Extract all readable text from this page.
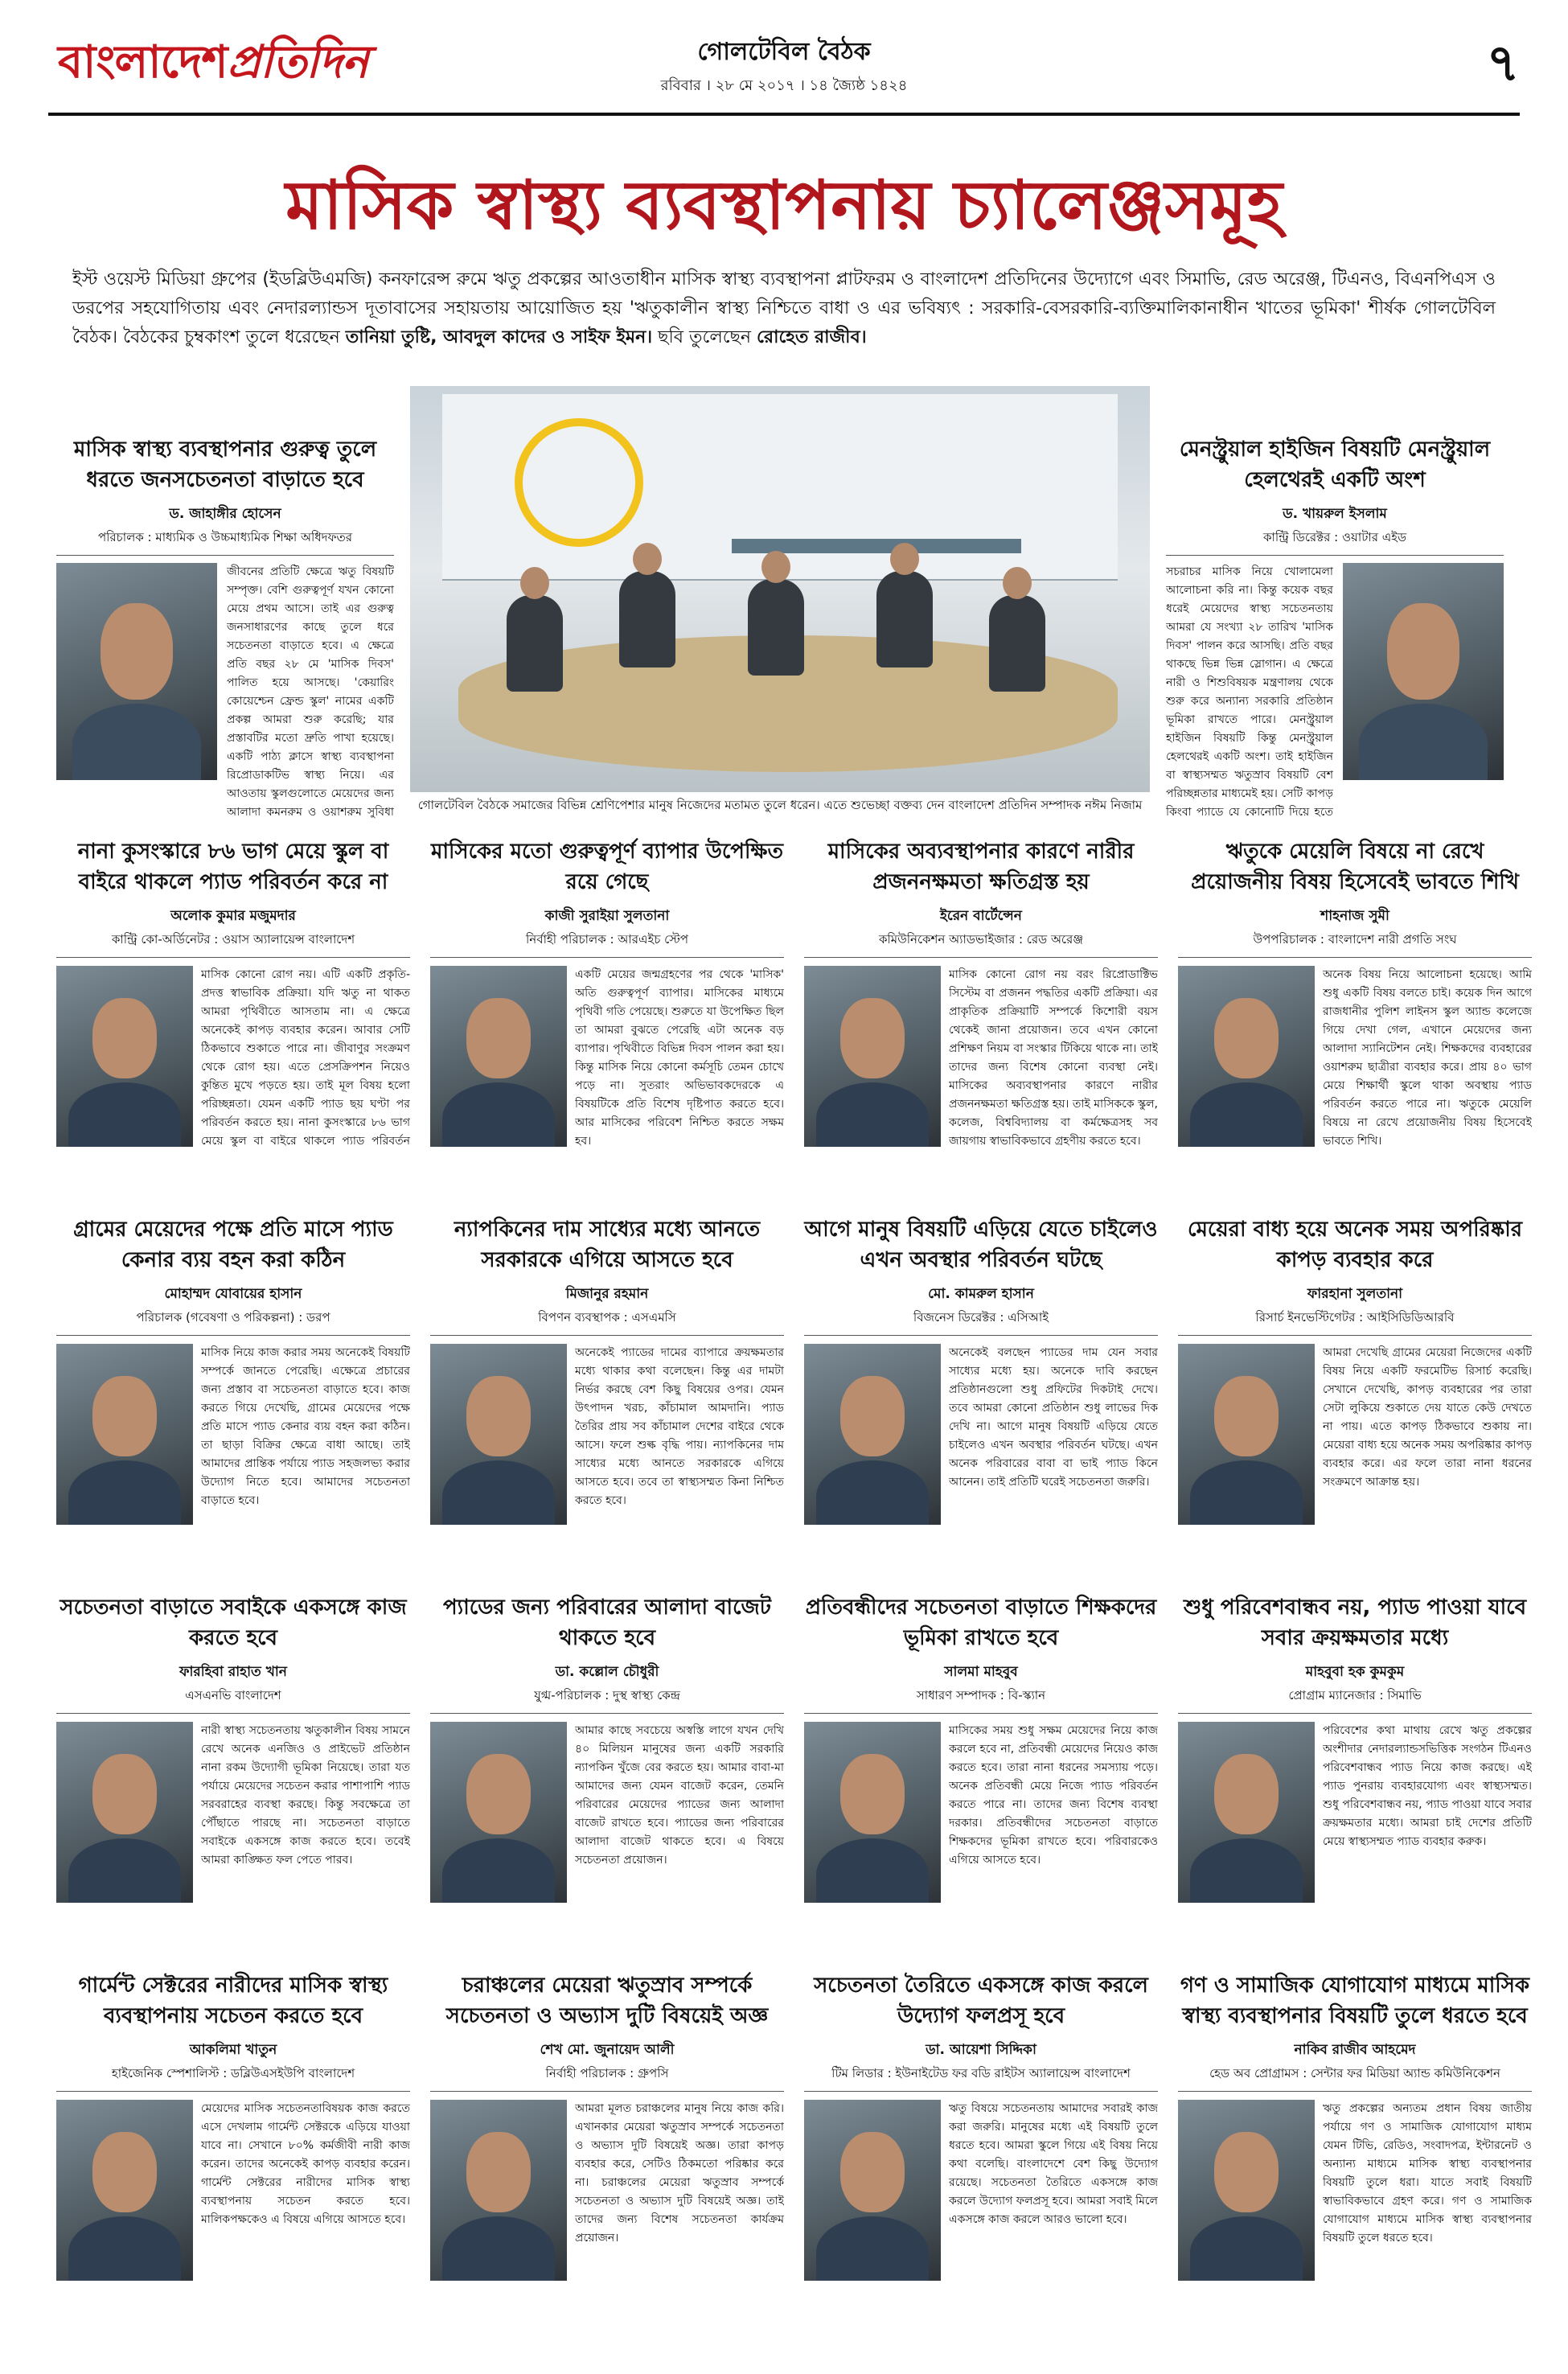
বাংলাদেশপ্রতিদিন	গোলটেবিল বৈঠক
রবিবার । ২৮ মে ২০১৭ । ১৪ জ্যৈষ্ঠ ১৪২৪	৭
মাসিক স্বাস্থ্য ব্যবস্থাপনায় চ্যালেঞ্জসমূহ
ইস্ট ওয়েস্ট মিডিয়া গ্রুপের (ইডব্লিউএমজি) কনফারেন্স রুমে ঋতু প্রকল্পের আওতাধীন মাসিক স্বাস্থ্য ব্যবস্থাপনা প্লাটফরম ও বাংলাদেশ প্রতিদিনের উদ্যোগে এবং সিমাভি, রেড অরেঞ্জ, টিএনও, বিএনপিএস ও ডরপের সহযোগিতায় এবং নেদারল্যান্ডস দূতাবাসের সহায়তায় আয়োজিত হয় 'ঋতুকালীন স্বাস্থ্য নিশ্চিতে বাধা ও এর ভবিষ্যৎ : সরকারি-বেসরকারি-ব্যক্তিমালিকানাধীন খাতের ভূমিকা' শীর্ষক গোলটেবিল বৈঠক। বৈঠকের চুম্বকাংশ তুলে ধরেছেন তানিয়া তুষ্টি, আবদুল কাদের ও সাইফ ইমন। ছবি তুলেছেন রোহেত রাজীব।
গোলটেবিল বৈঠকে সমাজের বিভিন্ন শ্রেণিপেশার মানুষ নিজেদের মতামত তুলে ধরেন। এতে শুভেচ্ছা বক্তব্য দেন বাংলাদেশ প্রতিদিন সম্পাদক নঈম নিজাম
মাসিক স্বাস্থ্য ব্যবস্থাপনার গুরুত্ব তুলে ধরতে জনসচেতনতা বাড়াতে হবে
ড. জাহাঙ্গীর হোসেন
পরিচালক : মাধ্যমিক ও উচ্চমাধ্যমিক শিক্ষা অধিদফতর
জীবনের প্রতিটি ক্ষেত্রে ঋতু বিষয়টি সম্পৃক্ত। বেশি গুরুত্বপূর্ণ যখন কোনো মেয়ে প্রথম আসে। তাই এর গুরুত্ব জনসাধারণের কাছে তুলে ধরে সচেতনতা বাড়াতে হবে। এ ক্ষেত্রে প্রতি বছর ২৮ মে 'মাসিক দিবস' পালিত হয়ে আসছে। 'কেয়ারিং কোয়েশ্চেন ফ্রেন্ড স্কুল' নামের একটি প্রকল্প আমরা শুরু করেছি; যার প্রস্তাবটির মতো দ্রুতি পাখা হয়েছে। একটি পাঠ্য ক্লাসে স্বাস্থ্য ব্যবস্থাপনা রিপ্রোডাকটিভ স্বাস্থ্য নিয়ে। এর আওতায় স্কুলগুলোতে মেয়েদের জন্য আলাদা কমনরুম ও ওয়াশরুম সুবিধা
মেনস্ট্রুয়াল হাইজিন বিষয়টি মেনস্ট্রুয়াল হেলথেরই একটি অংশ
ড. খায়রুল ইসলাম
কান্ট্রি ডিরেক্টর : ওয়াটার এইড
সচরাচর মাসিক নিয়ে খোলামেলা আলোচনা করি না। কিন্তু কয়েক বছর ধরেই মেয়েদের স্বাস্থ্য সচেতনতায় আমরা যে সংখ্যা ২৮ তারিখ 'মাসিক দিবস' পালন করে আসছি। প্রতি বছর থাকছে ভিন্ন ভিন্ন স্লোগান। এ ক্ষেত্রে নারী ও শিশুবিষয়ক মন্ত্রণালয় থেকে শুরু করে অন্যান্য সরকারি প্রতিষ্ঠান ভূমিকা রাখতে পারে। মেনস্ট্রুয়াল হাইজিন বিষয়টি কিন্তু মেনস্ট্রুয়াল হেলথেরই একটি অংশ। তাই হাইজিন বা স্বাস্থ্যসম্মত ঋতুস্রাব বিষয়টি বেশ পরিচ্ছন্নতার মাধ্যমেই হয়। সেটি কাপড় কিংবা প্যাডে যে কোনোটি দিয়ে হতে
নানা কুসংস্কারে ৮৬ ভাগ মেয়ে স্কুল বা বাইরে থাকলে প্যাড পরিবর্তন করে না
অলোক কুমার মজুমদার
কান্ট্রি কো-অর্ডিনেটর : ওয়াস অ্যালায়েন্স বাংলাদেশ
মাসিক কোনো রোগ নয়। এটি একটি প্রকৃতি-প্রদত্ত স্বাভাবিক প্রক্রিয়া। যদি ঋতু না থাকত আমরা পৃথিবীতে আসতাম না। এ ক্ষেত্রে অনেকেই কাপড় ব্যবহার করেন। আবার সেটি ঠিকভাবে শুকাতে পারে না। জীবাণুর সংক্রমণ থেকে রোগ হয়। এতে প্রেসক্রিপশন নিয়েও কুন্তিত মুখে পড়তে হয়। তাই মূল বিষয় হলো পরিচ্ছন্নতা। যেমন একটি প্যাড ছয় ঘণ্টা পর পরিবর্তন করতে হয়। নানা কুসংস্কারে ৮৬ ভাগ মেয়ে স্কুল বা বাইরে থাকলে প্যাড পরিবর্তন
মাসিকের মতো গুরুত্বপূর্ণ ব্যাপার উপেক্ষিত রয়ে গেছে
কাজী সুরাইয়া সুলতানা
নির্বাহী পরিচালক : আরএইচ স্টেপ
একটি মেয়ের জন্মগ্রহণের পর থেকে 'মাসিক' অতি গুরুত্বপূর্ণ ব্যাপার। মাসিকের মাধ্যমে পৃথিবী গতি পেয়েছে। শুরুতে যা উপেক্ষিত ছিল তা আমরা বুঝতে পেরেছি এটা অনেক বড় ব্যাপার। পৃথিবীতে বিভিন্ন দিবস পালন করা হয়। কিন্তু মাসিক নিয়ে কোনো কর্মসূচি তেমন চোখে পড়ে না। সুতরাং অভিভাবকদেরকে এ বিষয়টিকে প্রতি বিশেষ দৃষ্টিপাত করতে হবে। আর মাসিকের পরিবেশ নিশ্চিত করতে সক্ষম হব।
মাসিকের অব্যবস্থাপনার কারণে নারীর প্রজননক্ষমতা ক্ষতিগ্রস্ত হয়
ইরেন বার্টেন্সেন
কমিউনিকেশন অ্যাডভাইজার : রেড অরেঞ্জ
মাসিক কোনো রোগ নয় বরং রিপ্রোডাক্টিভ সিস্টেম বা প্রজনন পদ্ধতির একটি প্রক্রিয়া। এর প্রাকৃতিক প্রক্রিয়াটি সম্পর্কে কিশোরী বয়স থেকেই জানা প্রয়োজন। তবে এখন কোনো প্রশিক্ষণ নিয়ম বা সংস্কার টিকিয়ে থাকে না। তাই তাদের জন্য বিশেষ কোনো ব্যবস্থা নেই। মাসিকের অব্যবস্থাপনার কারণে নারীর প্রজননক্ষমতা ক্ষতিগ্রস্ত হয়। তাই মাসিককে স্কুল, কলেজ, বিশ্ববিদ্যালয় বা কর্মক্ষেত্রসহ সব জায়গায় স্বাভাবিকভাবে গ্রহণীয় করতে হবে।
ঋতুকে মেয়েলি বিষয়ে না রেখে প্রয়োজনীয় বিষয় হিসেবেই ভাবতে শিখি
শাহনাজ সুমী
উপপরিচালক : বাংলাদেশ নারী প্রগতি সংঘ
অনেক বিষয় নিয়ে আলোচনা হয়েছে। আমি শুধু একটি বিষয় বলতে চাই। কয়েক দিন আগে রাজধানীর পুলিশ লাইনস স্কুল অ্যান্ড কলেজে গিয়ে দেখা গেল, এখানে মেয়েদের জন্য আলাদা স্যানিটেশন নেই। শিক্ষকদের ব্যবহারের ওয়াশরুম ছাত্রীরা ব্যবহার করে। প্রায় ৪০ ভাগ মেয়ে শিক্ষার্থী স্কুলে থাকা অবস্থায় প্যাড পরিবর্তন করতে পারে না। ঋতুকে মেয়েলি বিষয়ে না রেখে প্রয়োজনীয় বিষয় হিসেবেই ভাবতে শিখি।
গ্রামের মেয়েদের পক্ষে প্রতি মাসে প্যাড কেনার ব্যয় বহন করা কঠিন
মোহাম্মদ যোবায়ের হাসান
পরিচালক (গবেষণা ও পরিকল্পনা) : ডরপ
মাসিক নিয়ে কাজ করার সময় অনেকেই বিষয়টি সম্পর্কে জানতে পেরেছি। এক্ষেত্রে প্রচারের জন্য প্রস্তাব বা সচেতনতা বাড়াতে হবে। কাজ করতে গিয়ে দেখেছি, গ্রামের মেয়েদের পক্ষে প্রতি মাসে প্যাড কেনার ব্যয় বহন করা কঠিন। তা ছাড়া বিক্রির ক্ষেত্রে বাধা আছে। তাই আমাদের প্রান্তিক পর্যায়ে প্যাড সহজলভ্য করার উদ্যোগ নিতে হবে। আমাদের সচেতনতা বাড়াতে হবে।
ন্যাপকিনের দাম সাধ্যের মধ্যে আনতে সরকারকে এগিয়ে আসতে হবে
মিজানুর রহমান
বিপণন ব্যবস্থাপক : এসএমসি
অনেকেই প্যাডের দামের ব্যাপারে ক্রয়ক্ষমতার মধ্যে থাকার কথা বলেছেন। কিন্তু এর দামটা নির্ভর করছে বেশ কিছু বিষয়ের ওপর। যেমন উৎপাদন খরচ, কাঁচামাল আমদানি। প্যাড তৈরির প্রায় সব কাঁচামাল দেশের বাইরে থেকে আসে। ফলে শুল্ক বৃদ্ধি পায়। ন্যাপকিনের দাম সাধ্যের মধ্যে আনতে সরকারকে এগিয়ে আসতে হবে। তবে তা স্বাস্থ্যসম্মত কিনা নিশ্চিত করতে হবে।
আগে মানুষ বিষয়টি এড়িয়ে যেতে চাইলেও এখন অবস্থার পরিবর্তন ঘটছে
মো. কামরুল হাসান
বিজনেস ডিরেক্টর : এসিআই
অনেকেই বলছেন প্যাডের দাম যেন সবার সাধ্যের মধ্যে হয়। অনেকে দাবি করছেন প্রতিষ্ঠানগুলো শুধু প্রফিটের দিকটাই দেখে। তবে আমরা কোনো প্রতিষ্ঠান শুধু লাভের দিক দেখি না। আগে মানুষ বিষয়টি এড়িয়ে যেতে চাইলেও এখন অবস্থার পরিবর্তন ঘটছে। এখন অনেক পরিবারের বাবা বা ভাই প্যাড কিনে আনেন। তাই প্রতিটি ঘরেই সচেতনতা জরুরি।
মেয়েরা বাধ্য হয়ে অনেক সময় অপরিষ্কার কাপড় ব্যবহার করে
ফারহানা সুলতানা
রিসার্চ ইনভেস্টিগেটর : আইসিডিডিআরবি
আমরা দেখেছি গ্রামের মেয়েরা নিজেদের একটি বিষয় নিয়ে একটি ফরমেটিভ রিসার্চ করেছি। সেখানে দেখেছি, কাপড় ব্যবহারের পর তারা সেটা লুকিয়ে শুকাতে দেয় যাতে কেউ দেখতে না পায়। এতে কাপড় ঠিকভাবে শুকায় না। মেয়েরা বাধ্য হয়ে অনেক সময় অপরিষ্কার কাপড় ব্যবহার করে। এর ফলে তারা নানা ধরনের সংক্রমণে আক্রান্ত হয়।
সচেতনতা বাড়াতে সবাইকে একসঙ্গে কাজ করতে হবে
ফারহিবা রাহাত খান
এসএনভি বাংলাদেশ
নারী স্বাস্থ্য সচেতনতায় ঋতুকালীন বিষয় সামনে রেখে অনেক এনজিও ও প্রাইভেট প্রতিষ্ঠান নানা রকম উদ্যোগী ভূমিকা নিয়েছে। তারা যত পর্যায়ে মেয়েদের সচেতন করার পাশাপাশি প্যাড সরবরাহের ব্যবস্থা করছে। কিন্তু সবক্ষেত্রে তা পৌঁছাতে পারছে না। সচেতনতা বাড়াতে সবাইকে একসঙ্গে কাজ করতে হবে। তবেই আমরা কাঙ্ক্ষিত ফল পেতে পারব।
প্যাডের জন্য পরিবারের আলাদা বাজেট থাকতে হবে
ডা. কল্লোল চৌধুরী
যুগ্ম-পরিচালক : দুস্থ স্বাস্থ্য কেন্দ্র
আমার কাছে সবচেয়ে অস্বস্তি লাগে যখন দেখি ৪০ মিলিয়ন মানুষের জন্য একটি সরকারি ন্যাপকিন খুঁজে বের করতে হয়। আমার বাবা-মা আমাদের জন্য যেমন বাজেট করেন, তেমনি পরিবারের মেয়েদের প্যাডের জন্য আলাদা বাজেট রাখতে হবে। প্যাডের জন্য পরিবারের আলাদা বাজেট থাকতে হবে। এ বিষয়ে সচেতনতা প্রয়োজন।
প্রতিবন্ধীদের সচেতনতা বাড়াতে শিক্ষকদের ভূমিকা রাখতে হবে
সালমা মাহবুব
সাধারণ সম্পাদক : বি-স্ক্যান
মাসিকের সময় শুধু সক্ষম মেয়েদের নিয়ে কাজ করলে হবে না, প্রতিবন্ধী মেয়েদের নিয়েও কাজ করতে হবে। তারা নানা ধরনের সমস্যায় পড়ে। অনেক প্রতিবন্ধী মেয়ে নিজে প্যাড পরিবর্তন করতে পারে না। তাদের জন্য বিশেষ ব্যবস্থা দরকার। প্রতিবন্ধীদের সচেতনতা বাড়াতে শিক্ষকদের ভূমিকা রাখতে হবে। পরিবারকেও এগিয়ে আসতে হবে।
শুধু পরিবেশবান্ধব নয়, প্যাড পাওয়া যাবে সবার ক্রয়ক্ষমতার মধ্যে
মাহবুবা হক কুমকুম
প্রোগ্রাম ম্যানেজার : সিমাভি
পরিবেশের কথা মাথায় রেখে ঋতু প্রকল্পের অংশীদার নেদারল্যান্ডসভিত্তিক সংগঠন টিএনও পরিবেশবান্ধব প্যাড নিয়ে কাজ করছে। এই প্যাড পুনরায় ব্যবহারযোগ্য এবং স্বাস্থ্যসম্মত। শুধু পরিবেশবান্ধব নয়, প্যাড পাওয়া যাবে সবার ক্রয়ক্ষমতার মধ্যে। আমরা চাই দেশের প্রতিটি মেয়ে স্বাস্থ্যসম্মত প্যাড ব্যবহার করুক।
গার্মেন্ট সেক্টরের নারীদের মাসিক স্বাস্থ্য ব্যবস্থাপনায় সচেতন করতে হবে
আকলিমা খাতুন
হাইজেনিক স্পেশালিস্ট : ডব্লিউএসইউপি বাংলাদেশ
মেয়েদের মাসিক সচেতনতাবিষয়ক কাজ করতে এসে দেখলাম গার্মেন্ট সেক্টরকে এড়িয়ে যাওয়া যাবে না। সেখানে ৮০% কর্মজীবী নারী কাজ করেন। তাদের অনেকেই কাপড় ব্যবহার করেন। গার্মেন্ট সেক্টরের নারীদের মাসিক স্বাস্থ্য ব্যবস্থাপনায় সচেতন করতে হবে। মালিকপক্ষকেও এ বিষয়ে এগিয়ে আসতে হবে।
চরাঞ্চলের মেয়েরা ঋতুস্রাব সম্পর্কে সচেতনতা ও অভ্যাস দুটি বিষয়েই অজ্ঞ
শেখ মো. জুনায়েদ আলী
নির্বাহী পরিচালক : গ্রুপসি
আমরা মূলত চরাঞ্চলের মানুষ নিয়ে কাজ করি। এখানকার মেয়েরা ঋতুস্রাব সম্পর্কে সচেতনতা ও অভ্যাস দুটি বিষয়েই অজ্ঞ। তারা কাপড় ব্যবহার করে, সেটিও ঠিকমতো পরিষ্কার করে না। চরাঞ্চলের মেয়েরা ঋতুস্রাব সম্পর্কে সচেতনতা ও অভ্যাস দুটি বিষয়েই অজ্ঞ। তাই তাদের জন্য বিশেষ সচেতনতা কার্যক্রম প্রয়োজন।
সচেতনতা তৈরিতে একসঙ্গে কাজ করলে উদ্যোগ ফলপ্রসূ হবে
ডা. আয়েশা সিদ্দিকা
টিম লিডার : ইউনাইটেড ফর বডি রাইটস অ্যালায়েন্স বাংলাদেশ
ঋতু বিষয়ে সচেতনতায় আমাদের সবারই কাজ করা জরুরি। মানুষের মধ্যে এই বিষয়টি তুলে ধরতে হবে। আমরা স্কুলে গিয়ে এই বিষয় নিয়ে কথা বলেছি। বাংলাদেশে বেশ কিছু উদ্যোগ রয়েছে। সচেতনতা তৈরিতে একসঙ্গে কাজ করলে উদ্যোগ ফলপ্রসূ হবে। আমরা সবাই মিলে একসঙ্গে কাজ করলে আরও ভালো হবে।
গণ ও সামাজিক যোগাযোগ মাধ্যমে মাসিক স্বাস্থ্য ব্যবস্থাপনার বিষয়টি তুলে ধরতে হবে
নাকিব রাজীব আহমেদ
হেড অব প্রোগ্রামস : সেন্টার ফর মিডিয়া অ্যান্ড কমিউনিকেশন
ঋতু প্রকল্পের অন্যতম প্রধান বিষয় জাতীয় পর্যায়ে গণ ও সামাজিক যোগাযোগ মাধ্যম যেমন টিভি, রেডিও, সংবাদপত্র, ইন্টারনেট ও অন্যান্য মাধ্যমে মাসিক স্বাস্থ্য ব্যবস্থাপনার বিষয়টি তুলে ধরা। যাতে সবাই বিষয়টি স্বাভাবিকভাবে গ্রহণ করে। গণ ও সামাজিক যোগাযোগ মাধ্যমে মাসিক স্বাস্থ্য ব্যবস্থাপনার বিষয়টি তুলে ধরতে হবে।
